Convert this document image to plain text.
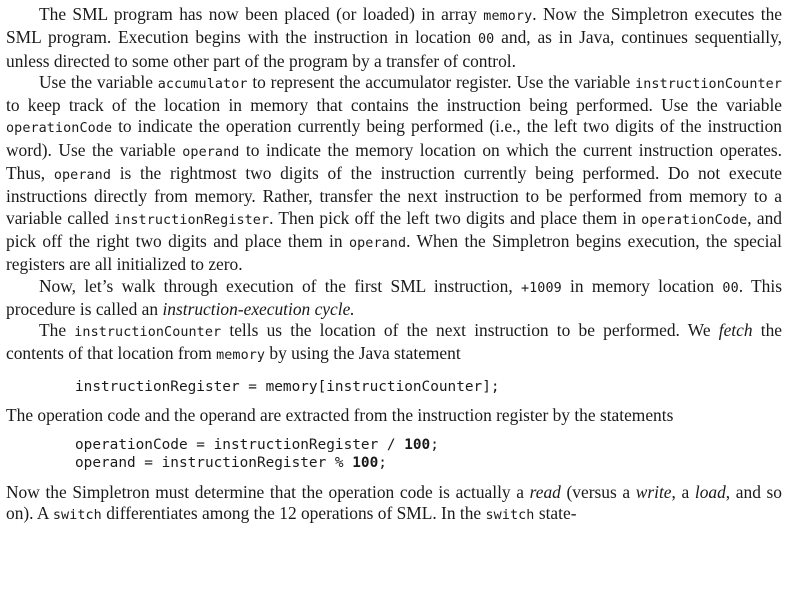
The SML program has now been placed (or loaded) in array memory. Now the Simpletron executes the SML program. Execution begins with the instruction in location 00 and, as in Java, continues sequentially, unless directed to some other part of the program by a transfer of control.

Use the variable accumulator to represent the accumulator register. Use the variable instructionCounter to keep track of the location in memory that contains the instruction being performed. Use the variable operationCode to indicate the operation currently being performed (i.e., the left two digits of the instruction word). Use the variable operand to indicate the memory location on which the current instruction operates. Thus, operand is the rightmost two digits of the instruction currently being performed. Do not execute instructions directly from memory. Rather, transfer the next instruction to be performed from memory to a variable called instructionRegister. Then pick off the left two digits and place them in operationCode, and pick off the right two digits and place them in operand. When the Simpletron begins execution, the special registers are all initialized to zero.

Now, let’s walk through execution of the first SML instruction, +1009 in memory location 00. This procedure is called an instruction-execution cycle.

The instructionCounter tells us the location of the next instruction to be performed. We fetch the contents of that location from memory by using the Java statement

instructionRegister = memory[instructionCounter];

The operation code and the operand are extracted from the instruction register by the statements

operationCode = instructionRegister / 100;
operand = instructionRegister % 100;

Now the Simpletron must determine that the operation code is actually a read (versus a write, a load, and so on). A switch differentiates among the 12 operations of SML. In the switch state-
